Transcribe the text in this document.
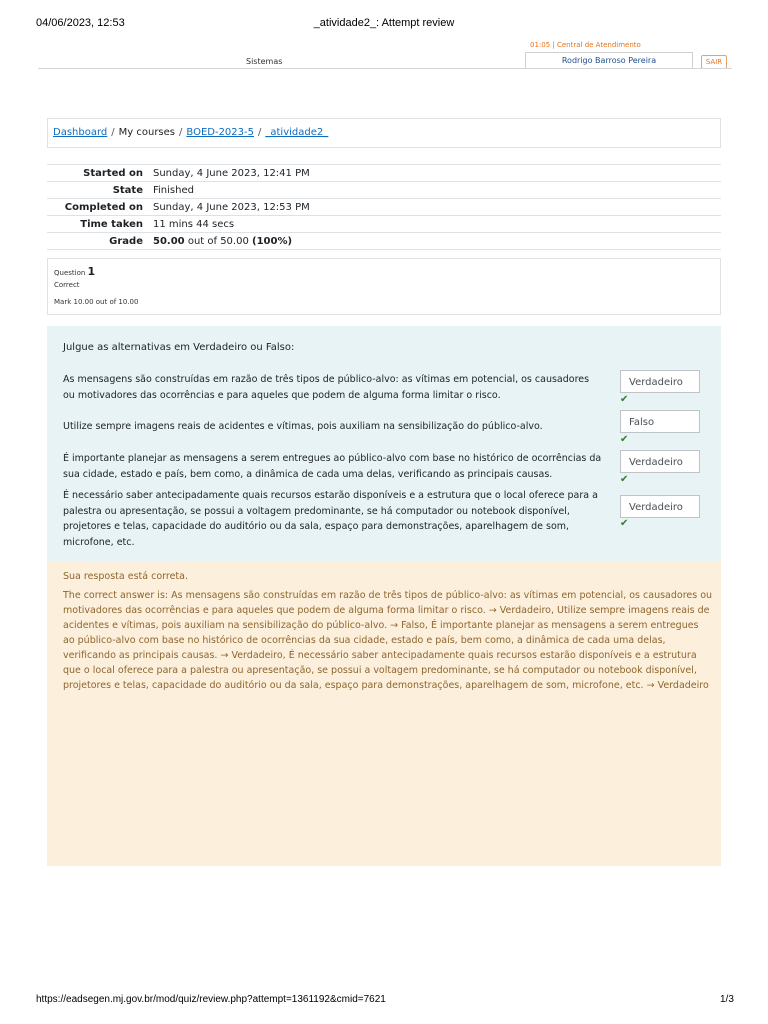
04/06/2023, 12:53	_atividade2_: Attempt review
https://eadsegen.mj.gov.br/mod/quiz/review.php?attempt=1361192&cmid=7621	1/3
01:05 | Central de Atendimento
Sistemas	Rodrigo Barroso Pereira	SAIR
Dashboard / My courses / BOED-2023-5 / _atividade2_
Started on	Sunday, 4 June 2023, 12:41 PM
State	Finished
Completed on	Sunday, 4 June 2023, 12:53 PM
Time taken	11 mins 44 secs
Grade	50.00 out of 50.00 (100%)
Question 1
Correct
Mark 10.00 out of 10.00
Julgue as alternativas em Verdadeiro ou Falso:
As mensagens são construídas em razão de três tipos de público-alvo: as vítimas em potencial, os causadores ou motivadores das ocorrências e para aqueles que podem de alguma forma limitar o risco.
Verdadeiro
✔
Utilize sempre imagens reais de acidentes e vítimas, pois auxiliam na sensibilização do público-alvo.	Falso
✔
É importante planejar as mensagens a serem entregues ao público-alvo com base no histórico de ocorrências da sua cidade, estado e país, bem como, a dinâmica de cada uma delas, verificando as principais causas.
Verdadeiro
✔
É necessário saber antecipadamente quais recursos estarão disponíveis e a estrutura que o local oferece para a palestra ou apresentação, se possui a voltagem predominante, se há computador ou notebook disponível, projetores e telas, capacidade do auditório ou da sala, espaço para demonstrações, aparelhagem de som, microfone, etc.
Verdadeiro
✔
Sua resposta está correta.
The correct answer is: As mensagens são construídas em razão de três tipos de público-alvo: as vítimas em potencial, os causadores ou motivadores das ocorrências e para aqueles que podem de alguma forma limitar o risco. → Verdadeiro, Utilize sempre imagens reais de acidentes e vítimas, pois auxiliam na sensibilização do público-alvo. → Falso, É importante planejar as mensagens a serem entregues ao público-alvo com base no histórico de ocorrências da sua cidade, estado e país, bem como, a dinâmica de cada uma delas, verificando as principais causas. → Verdadeiro, É necessário saber antecipadamente quais recursos estarão disponíveis e a estrutura que o local oferece para a palestra ou apresentação, se possui a voltagem predominante, se há computador ou notebook disponível, projetores e telas, capacidade do auditório ou da sala, espaço para demonstrações, aparelhagem de som, microfone, etc. → Verdadeiro
